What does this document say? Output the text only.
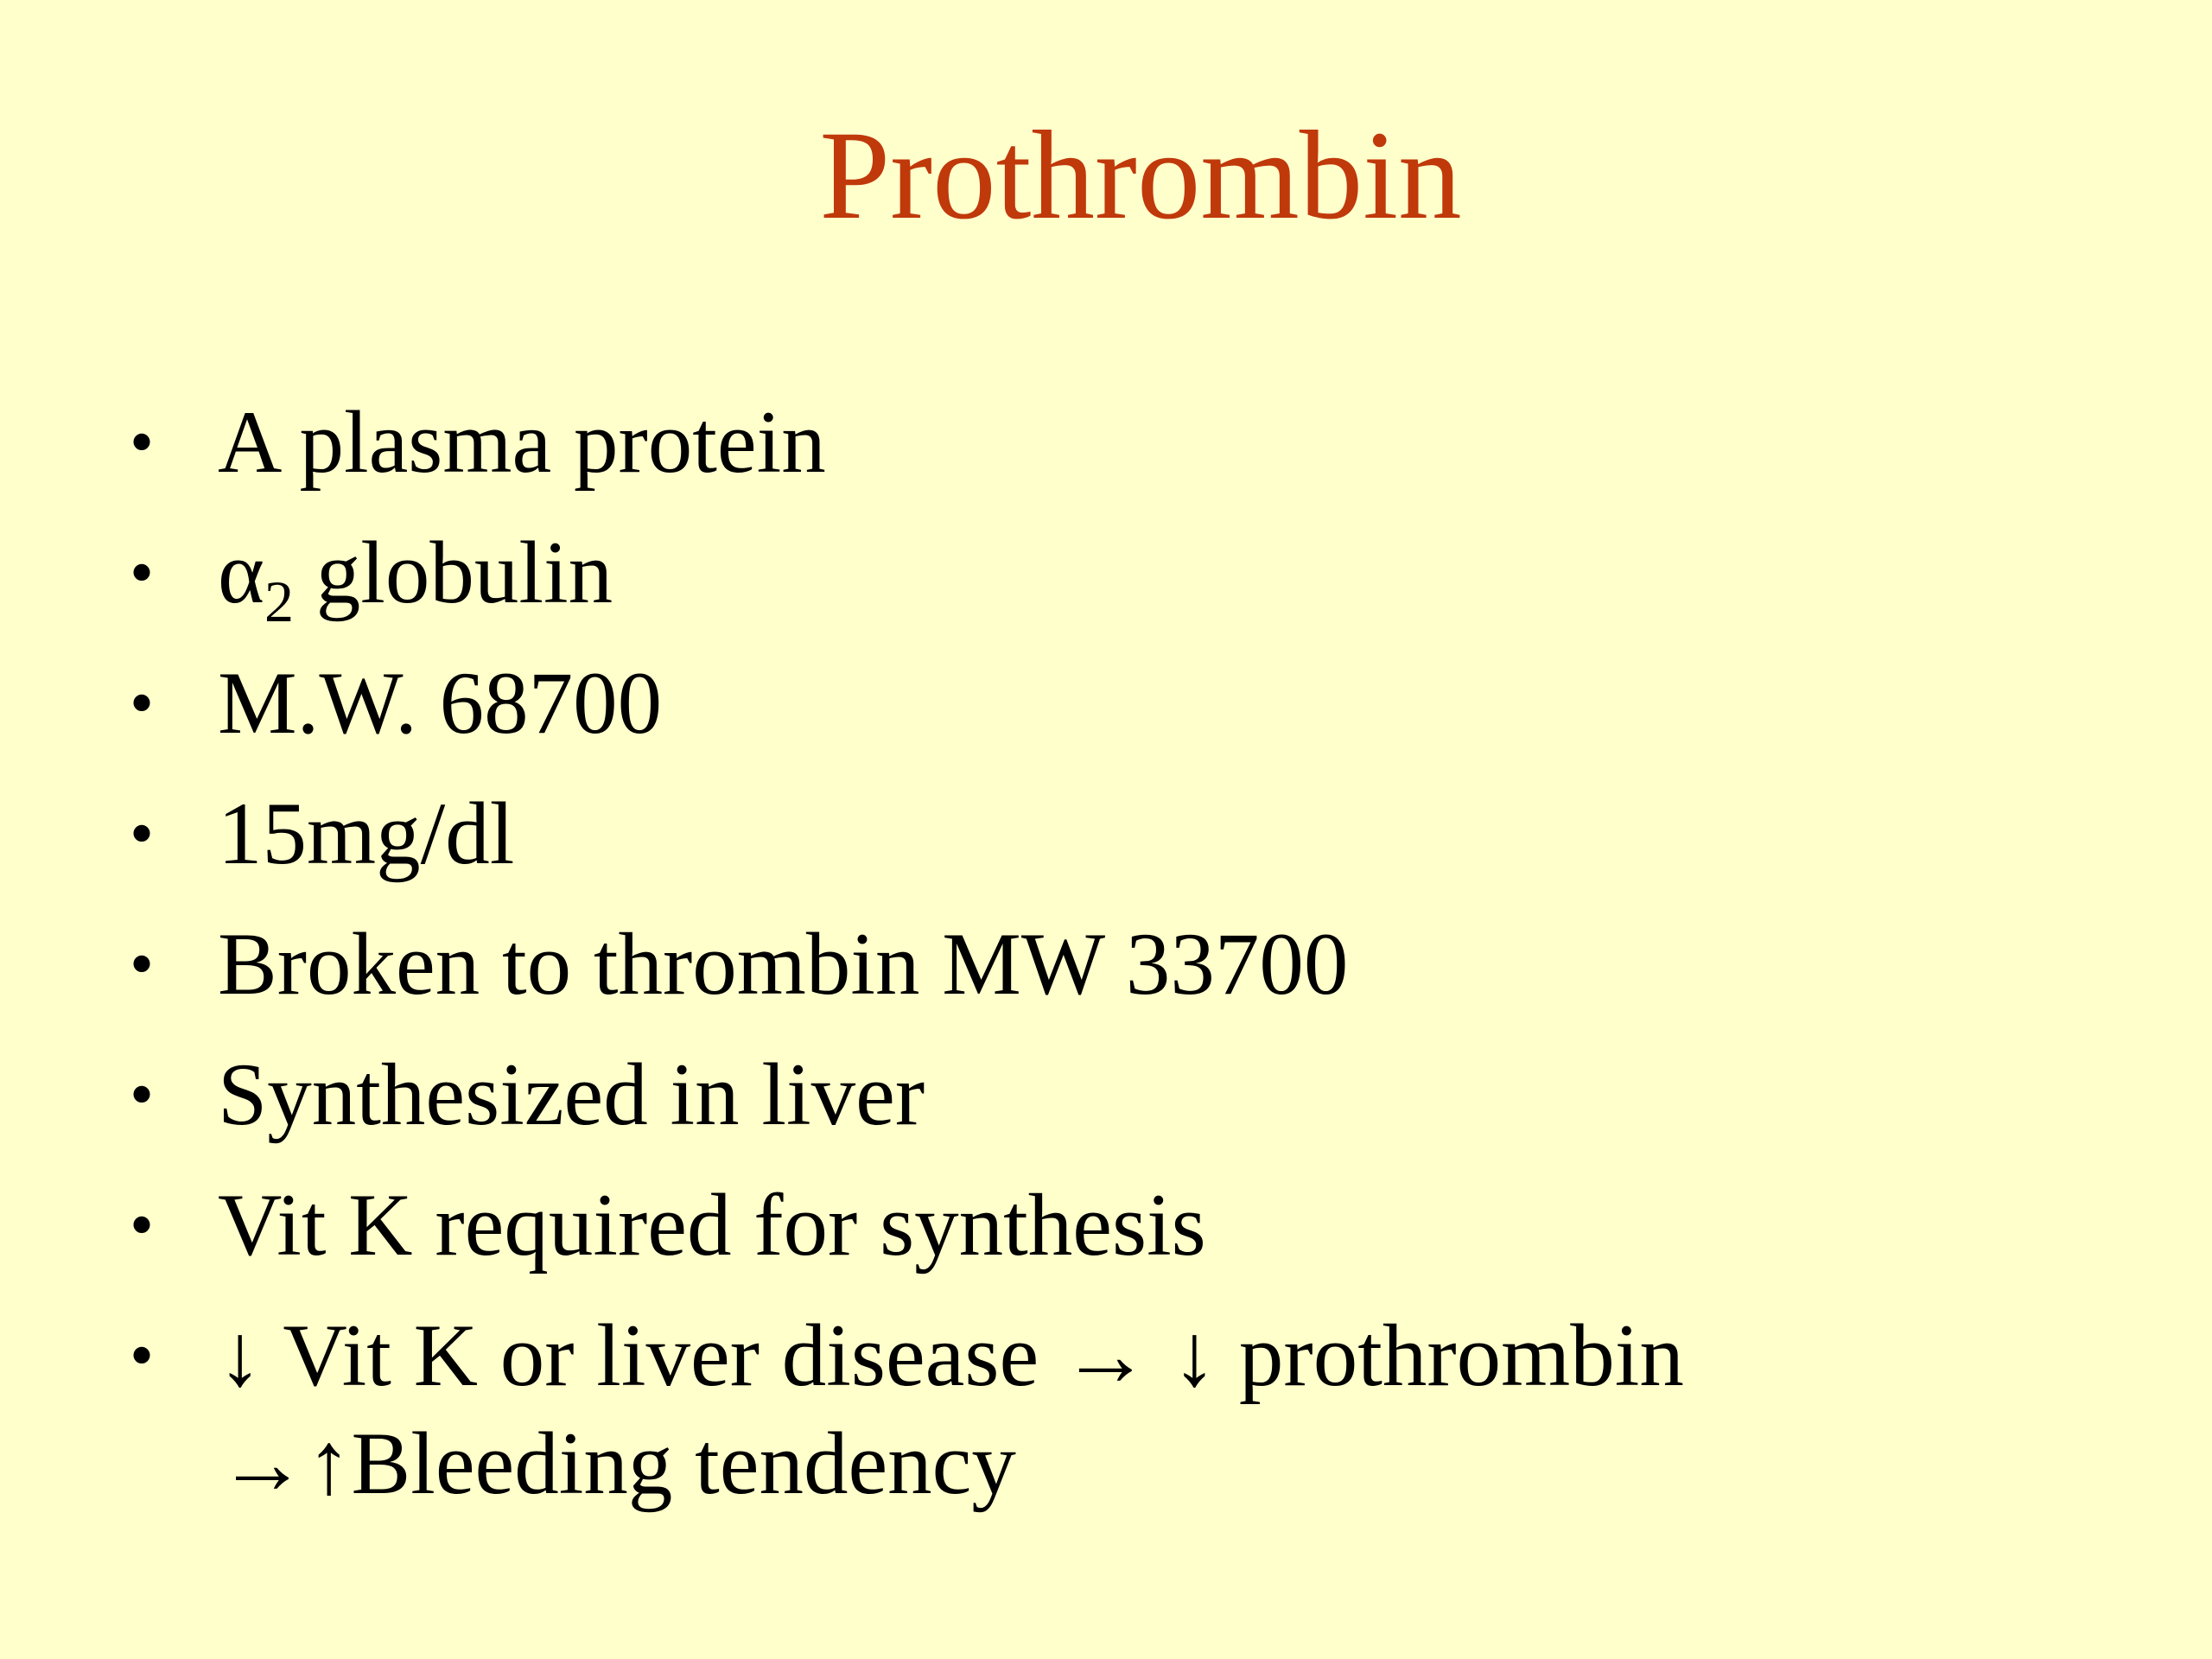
Prothrombin
• A plasma protein
• $\alpha_2$ globulin
• M.W. 68700
• 15mg/dl
• Broken to thrombin MW 33700
• Synthesized in liver
• Vit K required for synthesis
• ↓ Vit K or liver disease → ↓ prothrombin
→↑Bleeding tendency
